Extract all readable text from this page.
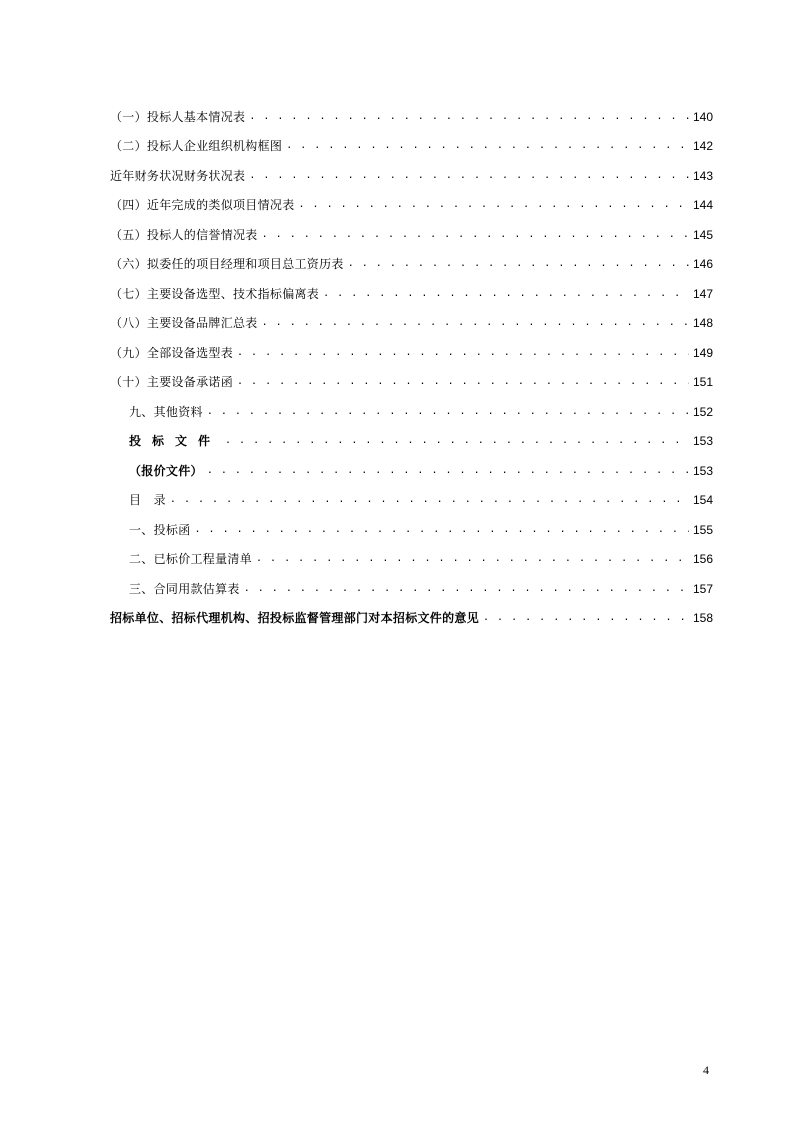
（一）投标人基本情况表 . . .	140
（二）投标人企业组织机构框图 . . .	142
近年财务状况财务状况表 . . .	143
（四）近年完成的类似项目情况表 . . .	144
（五）投标人的信誉情况表 . . .	145
（六）拟委任的项目经理和项目总工资历表 . . .	146
（七）主要设备选型、技术指标偏离表 . . .	147
（八）主要设备品牌汇总表 . . .	148
（九）全部设备选型表 . . .	149
（十）主要设备承诺函 . . .	151
九、其他资料 . . .	152
投标文件 . . .	153
（报价文件） . . .	153
目　录 . . .	154
一、投标函 . . .	155
二、已标价工程量清单 . . .	156
三、合同用款估算表 . . .	157
招标单位、招标代理机构、招投标监督管理部门对本招标文件的意见 . . .	158
4
